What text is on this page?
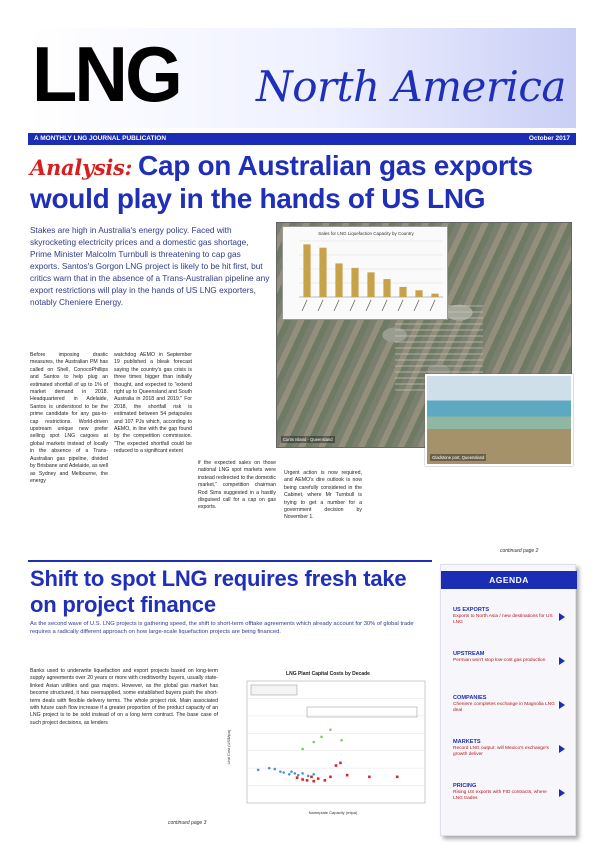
LNG North America
A MONTHLY LNG JOURNAL PUBLICATION	October 2017
Analysis: Cap on Australian gas exports would play in the hands of US LNG
Stakes are high in Australia's energy policy. Faced with skyrocketing electricity prices and a domestic gas shortage, Prime Minister Malcolm Turnbull is threatening to cap gas exports. Santos's Gorgon LNG project is likely to be hit first, but critics warn that in the absence of a Trans-Australian pipeline any export restrictions will play in the hands of US LNG exporters, notably Cheniere Energy.
Curtis Island - Queensland
Sales for LNG Liquefaction Capacity by Country
Gladstone port, Queensland
Before imposing drastic measures, the Australian PM has called on Shell, ConocoPhillips and Santos to help plug an estimated shortfall of up to 1% of market demand in 2018. Headquartered in Adelaide, Santos is understood to be the prime candidate for any gas-to-cap restrictions. World-driven upstream unique new prefer selling spot LNG cargoes at global markets instead of locally in the absence of a Trans-Australian gas pipeline, divided by Brisbane and Adelaide, as well as Sydney and Melbourne, the energy
watchdog AEMO in September 19 published a bleak forecast saying the country's gas crisis is three times bigger than initially thought, and expected to "extend right up to Queensland and South Australia in 2018 and 2019." For 2018, the shortfall risk is estimated between 54 petajoules and 107 PJs which, according to AEMO, in line with the gap found by the competition commission. "The expected shortfall could be reduced to a significant extent
if the expected sales on those national LNG spot markets were instead redirected to the domestic market," competition chairman Rod Sims suggested in a hastily disguised call for a cap on gas exports.
Urgent action is now required, and AEMO's dire outlook is now being carefully considered in the Cabinet, where Mr Turnbull is trying to get a number for a government decision by November 1.
continued page 2
Shift to spot LNG requires fresh take on project finance
As the second wave of U.S. LNG projects is gathering speed, the shift to short-term offtake agreements which already account for 30% of global trade requires a radically different approach on how large-scale liquefaction projects are being financed.
Banks used to underwrite liquefaction and export projects based on long-term supply agreements over 20 years or more with creditworthy buyers, usually state-linked Asian utilities and gas majors. However, as the global gas market has become structured, it has oversupplied, some established buyers push the short-term deals with flexible delivery terms. The whole project risk. Main associated with future cash flow increase if a greater proportion of the product capacity of an LNG project is to be sold instead of on a long term contract. The base case of such project decisions, as lenders
continued page 3
LNG Plant Capital Costs by Decade
Nameplate Capacity (mtpa)
Unit Cost (US$/tpa)
AGENDA
US EXPORTS
Exports to North Asia / new destinations for US LNG
UPSTREAM
Permian won't stop low-cost gas production
COMPANIES
Cheniere completes exchange in Magnolia LNG deal
MARKETS
Record LNG output: will Mexico's exchange's growth deliver
PRICING
Rising US exports with FID contracts, where LNG trades
